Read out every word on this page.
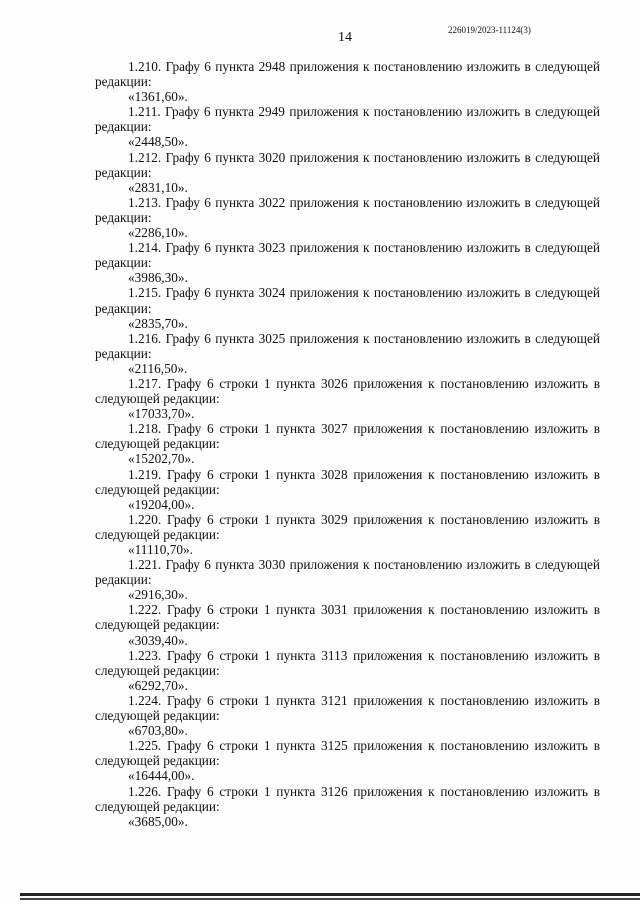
226019/2023-11124(3)
14

1.210. Графу 6 пункта 2948 приложения к постановлению изложить в следующей редакции:

«1361,60».

1.211. Графу 6 пункта 2949 приложения к постановлению изложить в следующей редакции:

«2448,50».

1.212. Графу 6 пункта 3020 приложения к постановлению изложить в следующей редакции:

«2831,10».

1.213. Графу 6 пункта 3022 приложения к постановлению изложить в следующей редакции:

«2286,10».

1.214. Графу 6 пункта 3023 приложения к постановлению изложить в следующей редакции:

«3986,30».

1.215. Графу 6 пункта 3024 приложения к постановлению изложить в следующей редакции:

«2835,70».

1.216. Графу 6 пункта 3025 приложения к постановлению изложить в следующей редакции:

«2116,50».

1.217. Графу 6 строки 1 пункта 3026 приложения к постановлению изложить в следующей редакции:

«17033,70».

1.218. Графу 6 строки 1 пункта 3027 приложения к постановлению изложить в следующей редакции:

«15202,70».

1.219. Графу 6 строки 1 пункта 3028 приложения к постановлению изложить в следующей редакции:

«19204,00».

1.220. Графу 6 строки 1 пункта 3029 приложения к постановлению изложить в следующей редакции:

«11110,70».

1.221. Графу 6 пункта 3030 приложения к постановлению изложить в следующей редакции:

«2916,30».

1.222. Графу 6 строки 1 пункта 3031 приложения к постановлению изложить в следующей редакции:

«3039,40».

1.223. Графу 6 строки 1 пункта 3113 приложения к постановлению изложить в следующей редакции:

«6292,70».

1.224. Графу 6 строки 1 пункта 3121 приложения к постановлению изложить в следующей редакции:

«6703,80».

1.225. Графу 6 строки 1 пункта 3125 приложения к постановлению изложить в следующей редакции:

«16444,00».

1.226. Графу 6 строки 1 пункта 3126 приложения к постановлению изложить в следующей редакции:

«3685,00».
